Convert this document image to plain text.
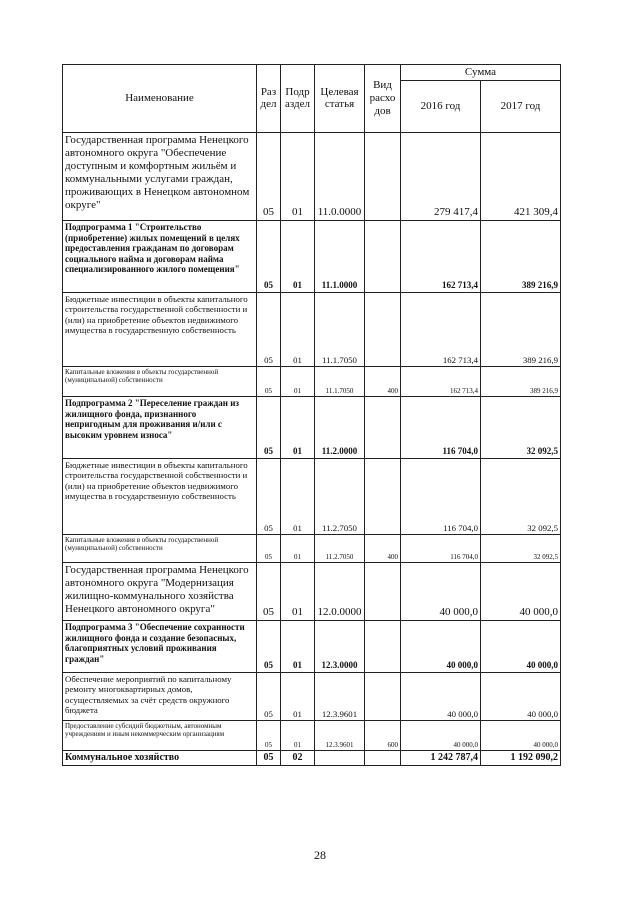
Наименование	Раз дел	Подр аздел	Целевая статья	Вид расхо дов	Сумма	
					2016 год	2017 год
Государственная программа Ненецкого автономного округа "Обеспечение доступным и комфортным жильём и коммунальными услугами граждан, проживающих в Ненецком автономном округе"	05	01	11.0.0000		279 417,4	421 309,4
Подпрограмма 1 "Строительство (приобретение) жилых помещений в целях предоставления гражданам по договорам социального найма и договорам найма специализированного жилого помещения"	05	01	11.1.0000		162 713,4	389 216,9
Бюджетные инвестиции в объекты капитального строительства государственной собственности и (или) на приобретение объектов недвижимого имущества в государственную собственность	05	01	11.1.7050		162 713,4	389 216,9
Капитальные вложения в объекты государственной (муниципальной) собственности	05	01	11.1.7050	400	162 713,4	389 216,9
Подпрограмма 2 "Переселение граждан из жилищного фонда, признанного непригодным для проживания и/или с высоким уровнем износа"	05	01	11.2.0000		116 704,0	32 092,5
Бюджетные инвестиции в объекты капитального строительства государственной собственности и (или) на приобретение объектов недвижимого имущества в государственную собственность	05	01	11.2.7050		116 704,0	32 092,5
Капитальные вложения в объекты государственной (муниципальной) собственности	05	01	11.2.7050	400	116 704,0	32 092,5
Государственная программа Ненецкого автономного округа "Модернизация жилищно-коммунального хозяйства Ненецкого автономного округа"	05	01	12.0.0000		40 000,0	40 000,0
Подпрограмма 3 "Обеспечение сохранности жилищного фонда и создание безопасных, благоприятных условий проживания граждан"	05	01	12.3.0000		40 000,0	40 000,0
Обеспечение мероприятий по капитальному ремонту многоквартирных домов, осуществляемых за счёт средств окружного бюджета	05	01	12.3.9601		40 000,0	40 000,0
Предоставление субсидий бюджетным, автономным учреждениям и иным некоммерческим организациям	05	01	12.3.9601	600	40 000,0	40 000,0
Коммунальное хозяйство	05	02			1 242 787,4	1 192 090,2
28
